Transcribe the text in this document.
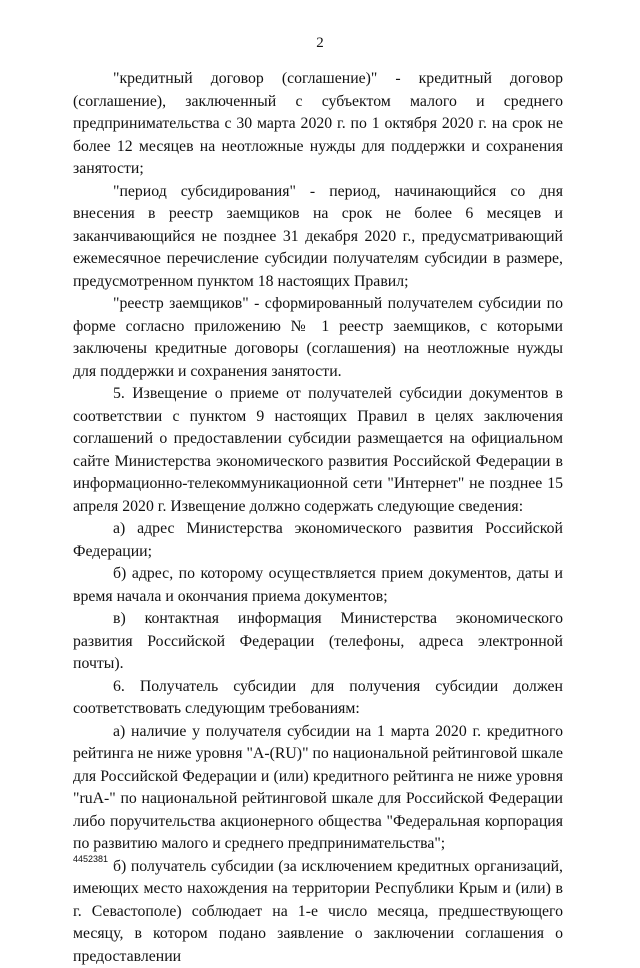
2

"кредитный договор (соглашение)" - кредитный договор (соглашение), заключенный с субъектом малого и среднего предпринимательства с 30 марта 2020 г. по 1 октября 2020 г. на срок не более 12 месяцев на неотложные нужды для поддержки и сохранения занятости;

"период субсидирования" - период, начинающийся со дня внесения в реестр заемщиков на срок не более 6 месяцев и заканчивающийся не позднее 31 декабря 2020 г., предусматривающий ежемесячное перечисление субсидии получателям субсидии в размере, предусмотренном пунктом 18 настоящих Правил;

"реестр заемщиков" - сформированный получателем субсидии по форме согласно приложению № 1 реестр заемщиков, с которыми заключены кредитные договоры (соглашения) на неотложные нужды для поддержки и сохранения занятости.

5. Извещение о приеме от получателей субсидии документов в соответствии с пунктом 9 настоящих Правил в целях заключения соглашений о предоставлении субсидии размещается на официальном сайте Министерства экономического развития Российской Федерации в информационно-телекоммуникационной сети "Интернет" не позднее 15 апреля 2020 г. Извещение должно содержать следующие сведения:

а) адрес Министерства экономического развития Российской Федерации;

б) адрес, по которому осуществляется прием документов, даты и время начала и окончания приема документов;

в) контактная информация Министерства экономического развития Российской Федерации (телефоны, адреса электронной почты).

6. Получатель субсидии для получения субсидии должен соответствовать следующим требованиям:

а) наличие у получателя субсидии на 1 марта 2020 г. кредитного рейтинга не ниже уровня "A-(RU)" по национальной рейтинговой шкале для Российской Федерации и (или) кредитного рейтинга не ниже уровня "ruA-" по национальной рейтинговой шкале для Российской Федерации либо поручительства акционерного общества "Федеральная корпорация по развитию малого и среднего предпринимательства";

б) получатель субсидии (за исключением кредитных организаций, имеющих место нахождения на территории Республики Крым и (или) в г. Севастополе) соблюдает на 1-е число месяца, предшествующего месяцу, в котором подано заявление о заключении соглашения о предоставлении

4452381
